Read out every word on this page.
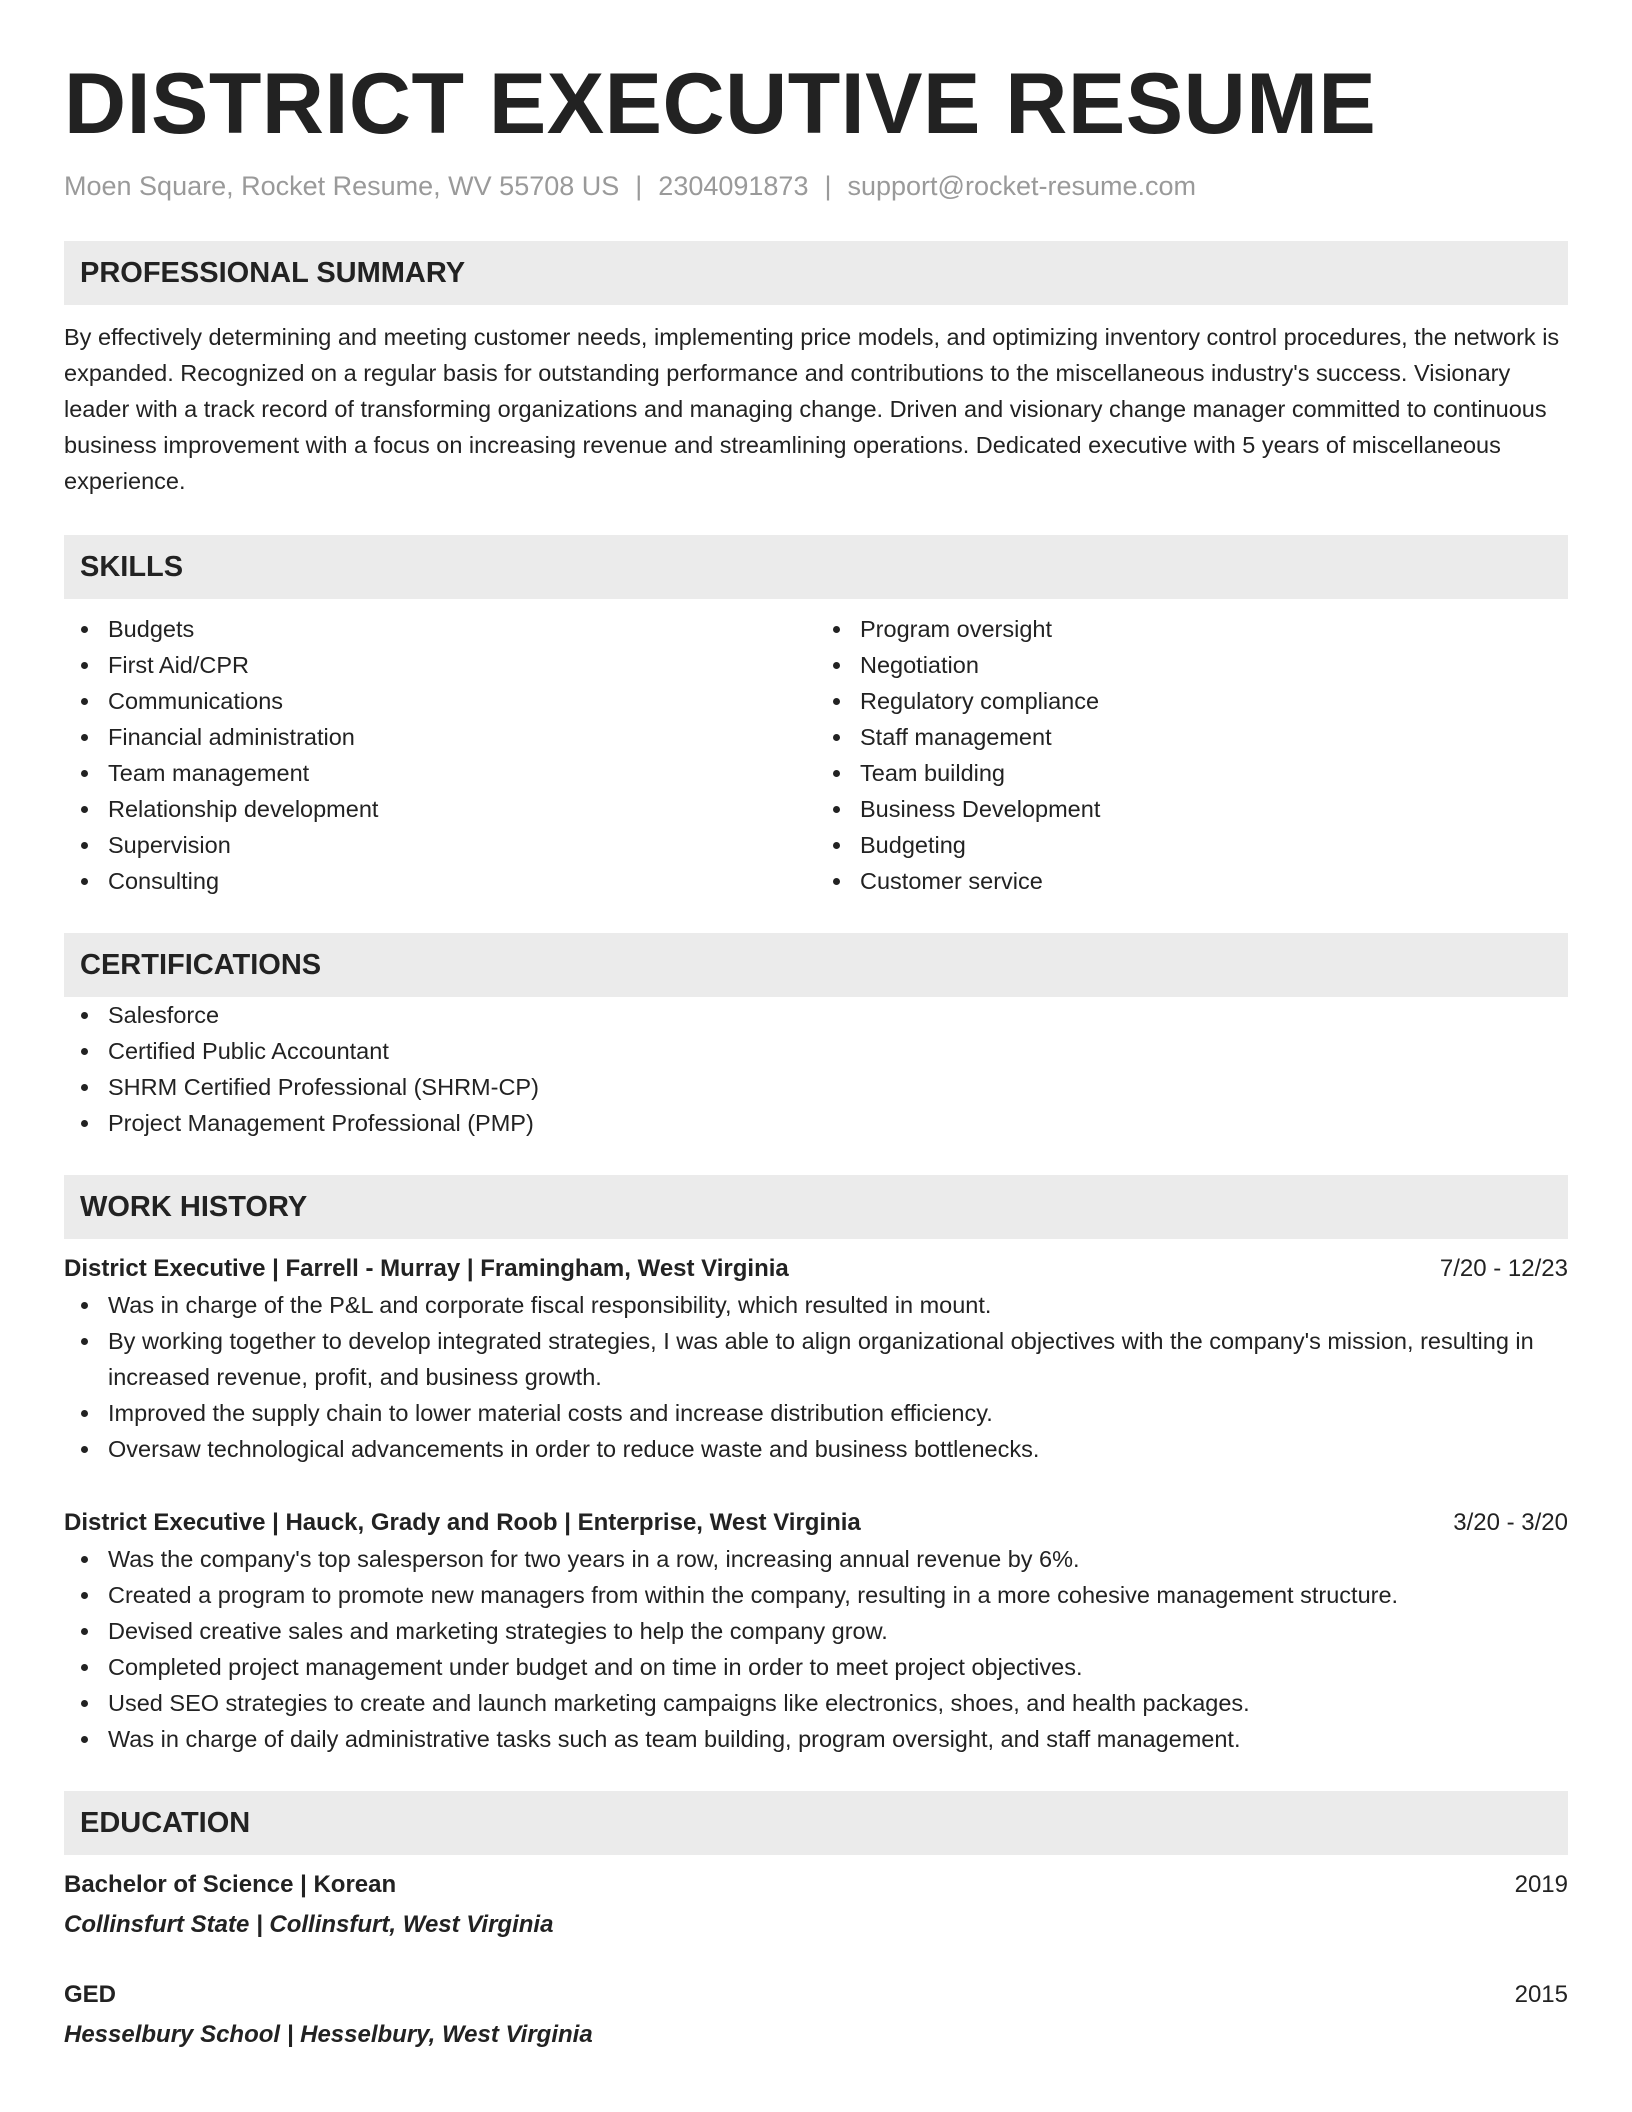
DISTRICT EXECUTIVE RESUME
Moen Square, Rocket Resume, WV 55708 US | 2304091873 | support@rocket-resume.com
PROFESSIONAL SUMMARY
By effectively determining and meeting customer needs, implementing price models, and optimizing inventory control procedures, the network is expanded. Recognized on a regular basis for outstanding performance and contributions to the miscellaneous industry's success. Visionary leader with a track record of transforming organizations and managing change. Driven and visionary change manager committed to continuous business improvement with a focus on increasing revenue and streamlining operations. Dedicated executive with 5 years of miscellaneous experience.
SKILLS
Budgets
First Aid/CPR
Communications
Financial administration
Team management
Relationship development
Supervision
Consulting
Program oversight
Negotiation
Regulatory compliance
Staff management
Team building
Business Development
Budgeting
Customer service
CERTIFICATIONS
Salesforce
Certified Public Accountant
SHRM Certified Professional (SHRM-CP)
Project Management Professional (PMP)
WORK HISTORY
District Executive | Farrell - Murray | Framingham, West Virginia	7/20 - 12/23
Was in charge of the P&L and corporate fiscal responsibility, which resulted in mount.
By working together to develop integrated strategies, I was able to align organizational objectives with the company's mission, resulting in increased revenue, profit, and business growth.
Improved the supply chain to lower material costs and increase distribution efficiency.
Oversaw technological advancements in order to reduce waste and business bottlenecks.
District Executive | Hauck, Grady and Roob | Enterprise, West Virginia	3/20 - 3/20
Was the company's top salesperson for two years in a row, increasing annual revenue by 6%.
Created a program to promote new managers from within the company, resulting in a more cohesive management structure.
Devised creative sales and marketing strategies to help the company grow.
Completed project management under budget and on time in order to meet project objectives.
Used SEO strategies to create and launch marketing campaigns like electronics, shoes, and health packages.
Was in charge of daily administrative tasks such as team building, program oversight, and staff management.
EDUCATION
Bachelor of Science | Korean	2019
Collinsfurt State | Collinsfurt, West Virginia
GED	2015
Hesselbury School | Hesselbury, West Virginia
